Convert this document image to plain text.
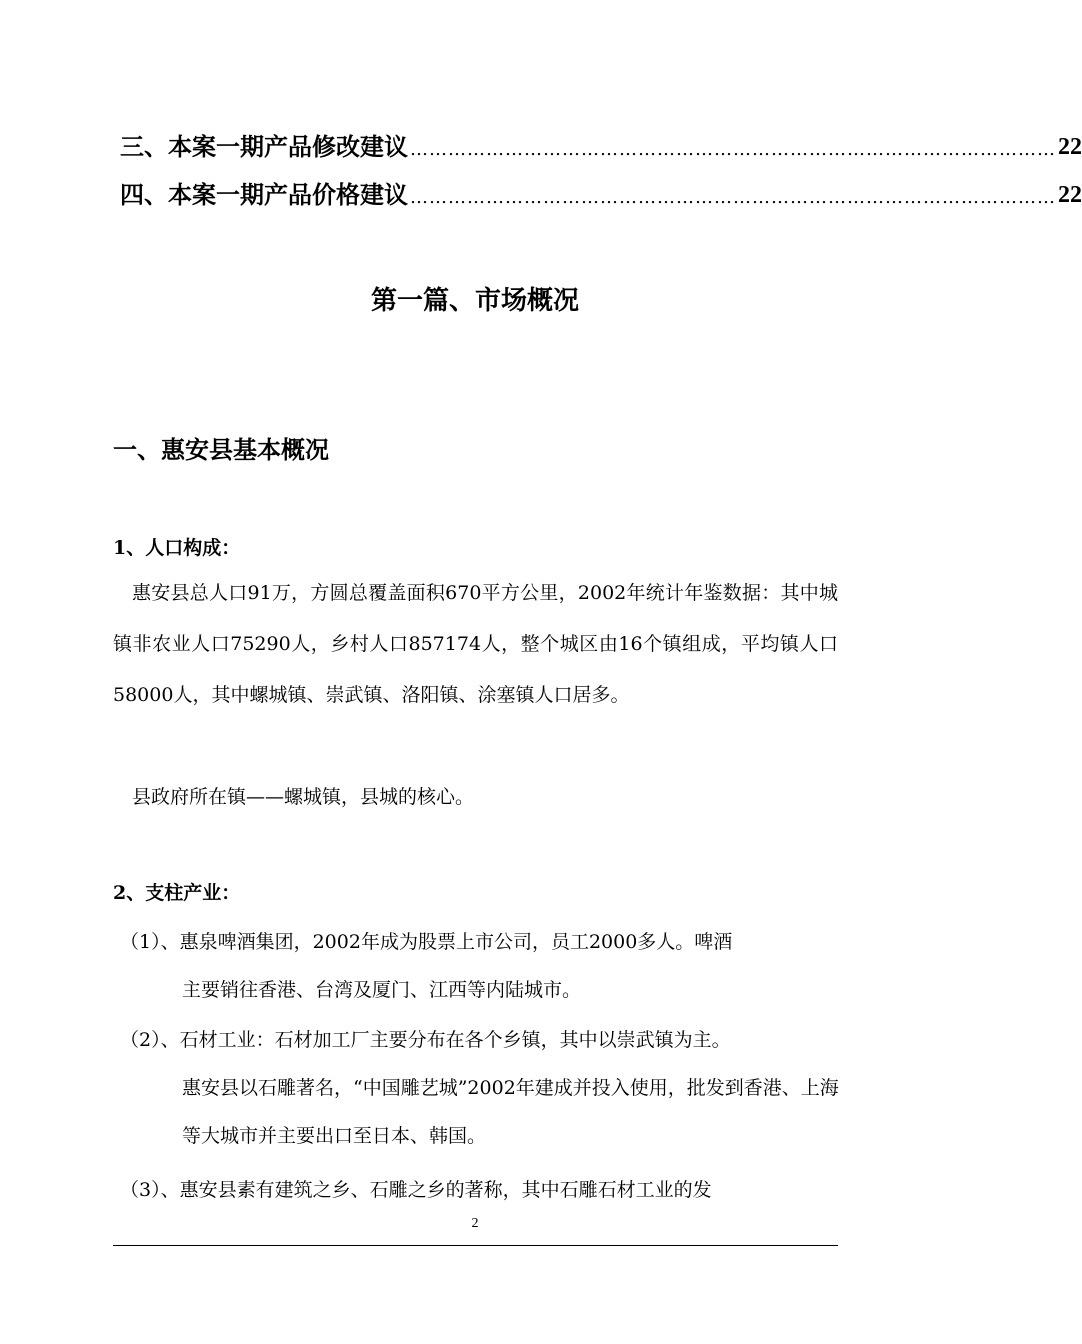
三、本案一期产品修改建议 ………………………………………………………………………………………… 22
四、本案一期产品价格建议 ………………………………………………………………………………………… 22
第一篇、市场概况
一、惠安县基本概况
1、人口构成：
惠安县总人口91万，方圆总覆盖面积670平方公里，2002年统计年鉴数据：其中城镇非农业人口75290人，乡村人口857174人，整个城区由16个镇组成，平均镇人口58000人，其中螺城镇、崇武镇、洛阳镇、涂塞镇人口居多。
县政府所在镇——螺城镇，县城的核心。
2、支柱产业：
（1）、惠泉啤酒集团，2002年成为股票上市公司，员工2000多人。啤酒
主要销往香港、台湾及厦门、江西等内陆城市。
（2）、石材工业：石材加工厂主要分布在各个乡镇，其中以崇武镇为主。
惠安县以石雕著名，“中国雕艺城”2002年建成并投入使用，批发到香港、上海等大城市并主要出口至日本、韩国。
（3）、惠安县素有建筑之乡、石雕之乡的著称，其中石雕石材工业的发
2
